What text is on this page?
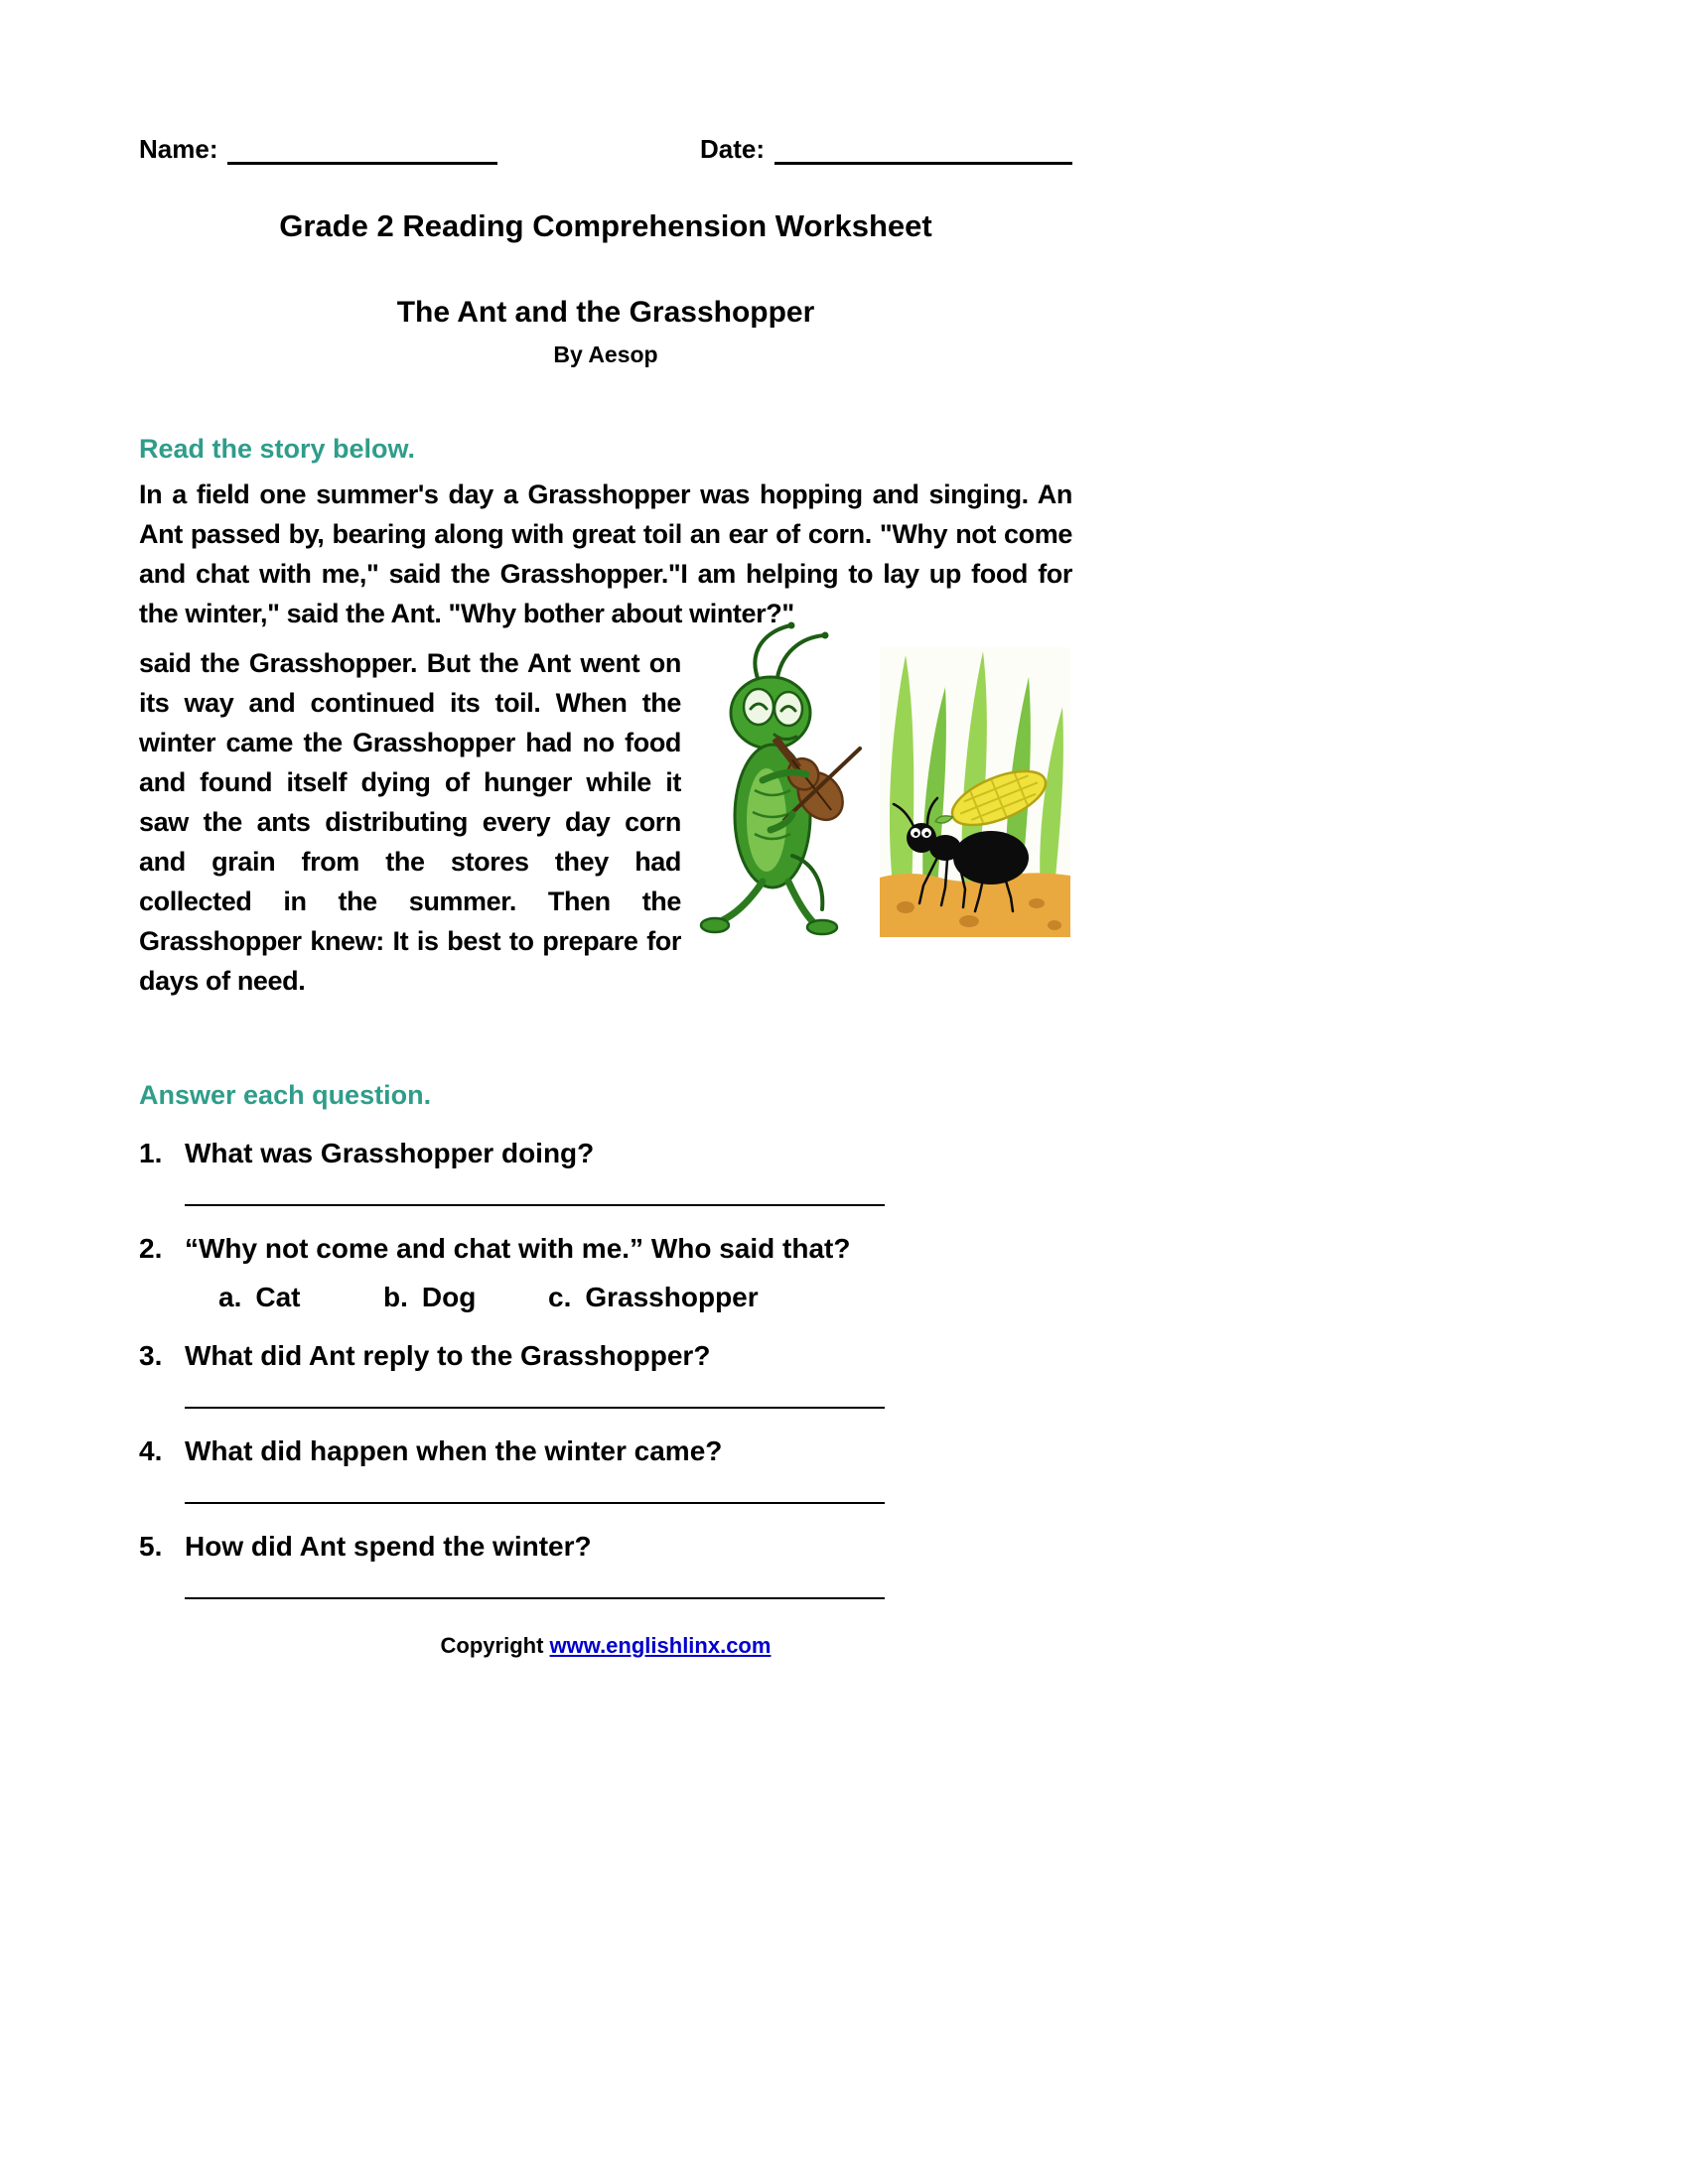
Name:	Date:
Grade 2 Reading Comprehension Worksheet
The Ant and the Grasshopper
By Aesop
Read the story below.

In a field one summer's day a Grasshopper was hopping and singing. An Ant passed by, bearing along with great toil an ear of corn. "Why not come and chat with me," said the Grasshopper."I am helping to lay up food for the winter," said the Ant. "Why bother about winter?"

said the Grasshopper. But the Ant went on its way and continued its toil. When the winter came the Grasshopper had no food and found itself dying of hunger while it saw the ants distributing every day corn and grain from the stores they had collected in the summer. Then the Grasshopper knew: It is best to prepare for days of need.

Answer each question.
1. What was Grasshopper doing?
2. “Why not come and chat with me.” Who said that?
a. Cat	b. Dog	c. Grasshopper
3. What did Ant reply to the Grasshopper?
4. What did happen when the winter came?
5. How did Ant spend the winter?
Copyright www.englishlinx.com
